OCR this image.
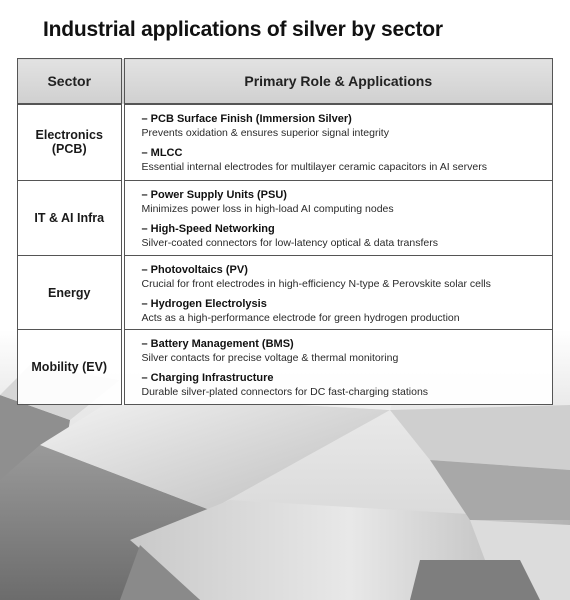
Industrial applications of silver by sector
Sector	Primary Role & Applications
Electronics (PCB)	– PCB Surface Finish (Immersion Silver)
Prevents oxidation & ensures superior signal integrity
– MLCC
Essential internal electrodes for multilayer ceramic capacitors in AI servers

IT & AI Infra	– Power Supply Units (PSU)
Minimizes power loss in high-load AI computing nodes
– High-Speed Networking
Silver-coated connectors for low-latency optical & data transfers

Energy	– Photovoltaics (PV)
Crucial for front electrodes in high-efficiency N-type & Perovskite solar cells
– Hydrogen Electrolysis
Acts as a high-performance electrode for green hydrogen production

Mobility (EV)	– Battery Management (BMS)
Silver contacts for precise voltage & thermal monitoring
– Charging Infrastructure
Durable silver-plated connectors for DC fast-charging stations
